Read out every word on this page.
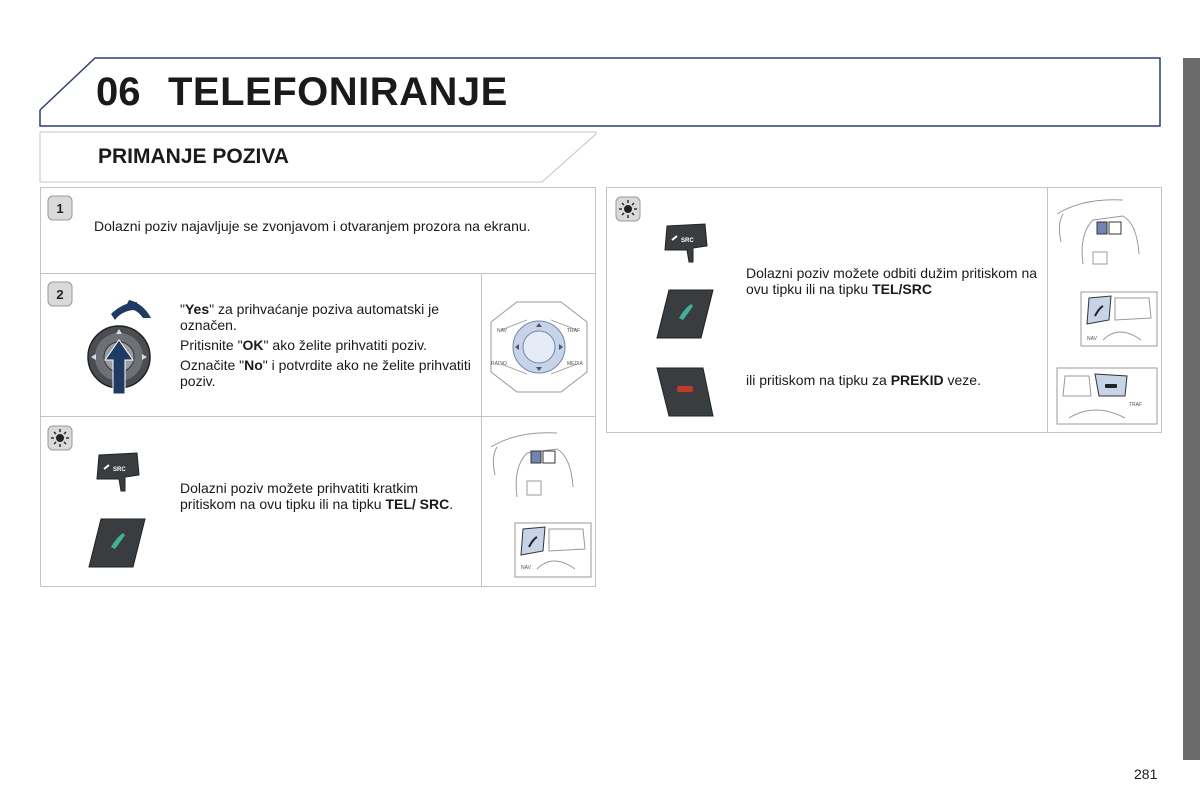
06 TELEFONIRANJE
PRIMANJE POZIVA
1
Dolazni poziv najavljuje se zvonjavom i otvaranjem prozora na ekranu.
2

"Yes" za prihvaćanje poziva automatski je označen.

Pritisnite "OK" ako želite prihvatiti poziv.

Označite "No" i potvrdite ako ne želite prihvatiti poziv.

NAV	TRAF
RADIO	MEDIA
SRC
Dolazni poziv možete prihvatiti kratkim pritiskom na ovu tipku ili na tipku TEL/ SRC.
NAV
SRC
Dolazni poziv možete odbiti dužim pritiskom na ovu tipku ili na tipku TEL/SRC
ili pritiskom na tipku za PREKID veze.
NAV
TRAF
281
